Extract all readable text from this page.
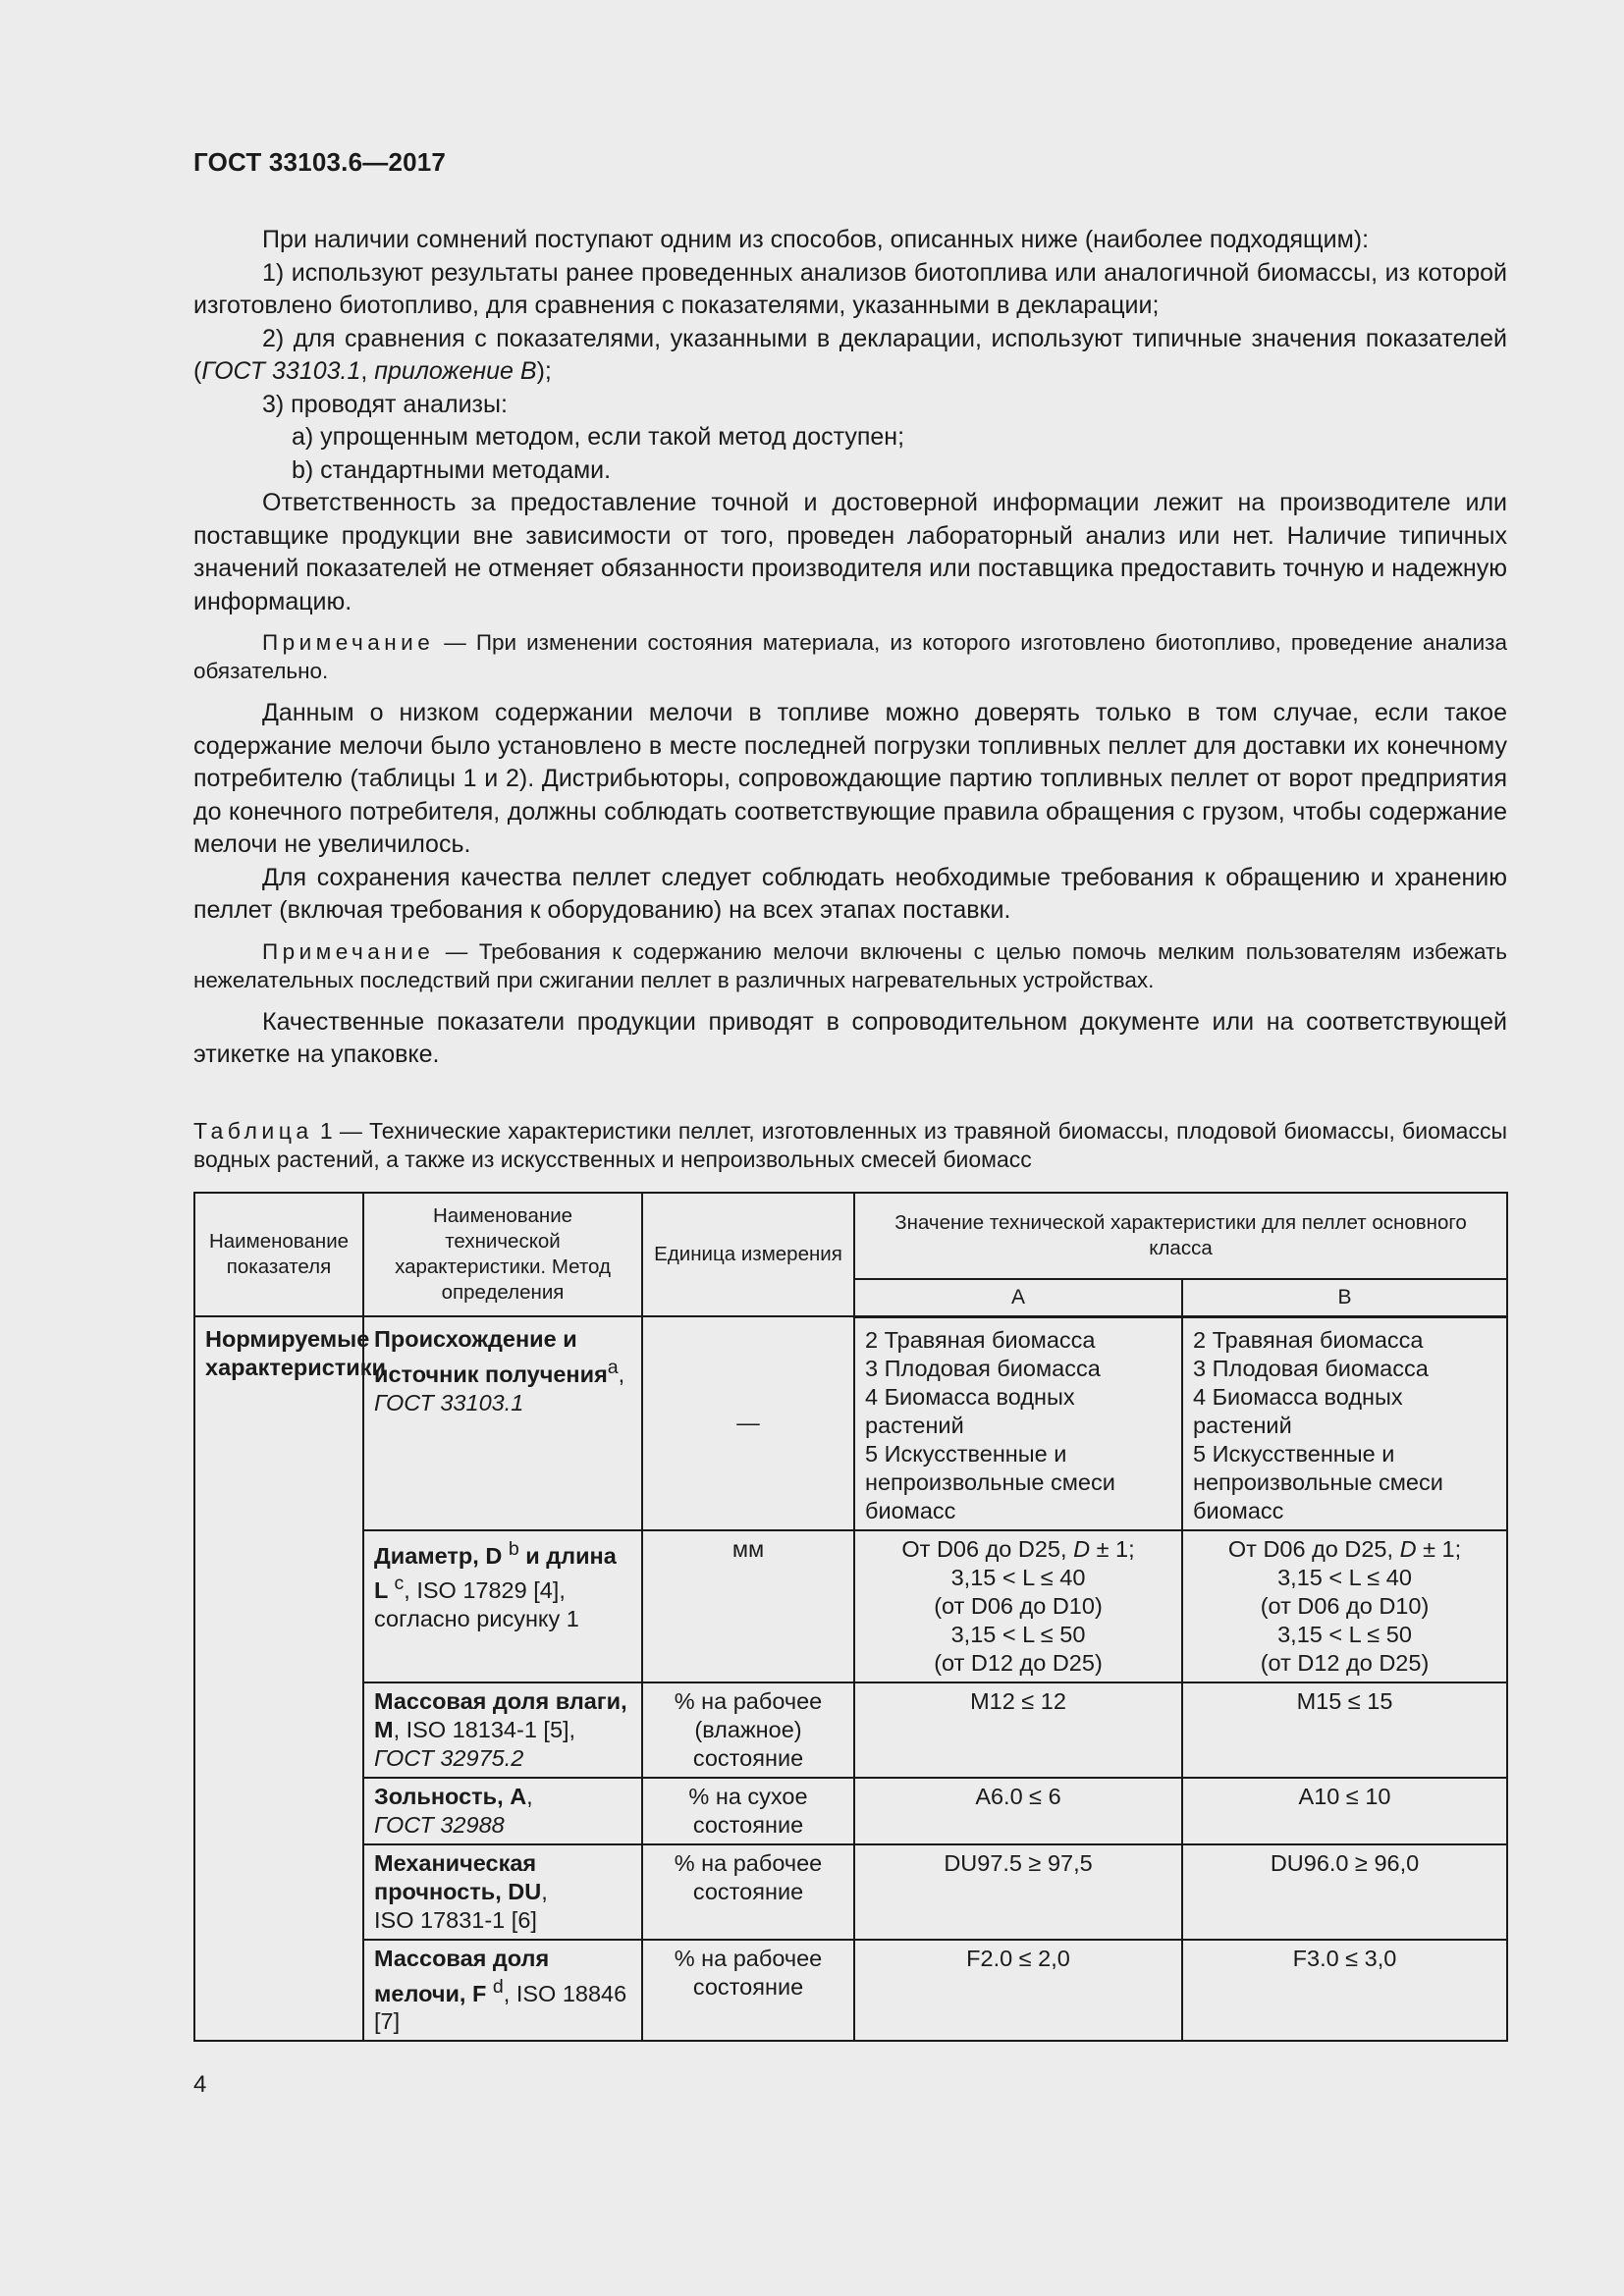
ГОСТ 33103.6—2017

При наличии сомнений поступают одним из способов, описанных ниже (наиболее подходящим):

1) используют результаты ранее проведенных анализов биотоплива или аналогичной биомассы, из которой изготовлено биотопливо, для сравнения с показателями, указанными в декларации;

2) для сравнения с показателями, указанными в декларации, используют типичные значения показателей (ГОСТ 33103.1, приложение В);

3) проводят анализы:

a) упрощенным методом, если такой метод доступен;

b) стандартными методами.

Ответственность за предоставление точной и достоверной информации лежит на производителе или поставщике продукции вне зависимости от того, проведен лабораторный анализ или нет. Наличие типичных значений показателей не отменяет обязанности производителя или поставщика предоставить точную и надежную информацию.

Примечание — При изменении состояния материала, из которого изготовлено биотопливо, проведение анализа обязательно.

Данным о низком содержании мелочи в топливе можно доверять только в том случае, если такое содержание мелочи было установлено в месте последней погрузки топливных пеллет для доставки их конечному потребителю (таблицы 1 и 2). Дистрибьюторы, сопровождающие партию топливных пеллет от ворот предприятия до конечного потребителя, должны соблюдать соответствующие правила обращения с грузом, чтобы содержание мелочи не увеличилось.

Для сохранения качества пеллет следует соблюдать необходимые требования к обращению и хранению пеллет (включая требования к оборудованию) на всех этапах поставки.

Примечание — Требования к содержанию мелочи включены с целью помочь мелким пользователям избежать нежелательных последствий при сжигании пеллет в различных нагревательных устройствах.

Качественные показатели продукции приводят в сопроводительном документе или на соответствующей этикетке на упаковке.

Таблица 1 — Технические характеристики пеллет, изготовленных из травяной биомассы, плодовой биомассы, биомассы водных растений, а также из искусственных и непроизвольных смесей биомасс
Наименование показателя	Наименование технической характеристики. Метод определения	Единица измерения	Значение технической характеристики для пеллет основного класса	
			А	В
Нормируемые характеристики	Происхождение и источник получения$^a$, ГОСТ 33103.1	—	2 Травяная биомасса
3 Плодовая биомасса
4 Биомасса водных растений
5 Искусственные и непроизвольные смеси биомасс	2 Травяная биомасса
3 Плодовая биомасса
4 Биомасса водных растений
5 Искусственные и непроизвольные смеси биомасс
	Диаметр, D $^b$ и длина L $^c$, ISO 17829 [4], согласно рисунку 1	мм	От D06 до D25, D ± 1;
3,15 < L ≤ 40
(от D06 до D10)
3,15 < L ≤ 50
(от D12 до D25)	От D06 до D25, D ± 1;
3,15 < L ≤ 40
(от D06 до D10)
3,15 < L ≤ 50
(от D12 до D25)
	Массовая доля влаги, M, ISO 18134-1 [5],
ГОСТ 32975.2	% на рабочее (влажное) состояние	M12 ≤ 12	M15 ≤ 15
	Зольность, A,
ГОСТ 32988	% на сухое состояние	A6.0 ≤ 6	A10 ≤ 10
	Механическая прочность, DU,
ISO 17831-1 [6]	% на рабочее состояние	DU97.5 ≥ 97,5	DU96.0 ≥ 96,0
	Массовая доля мелочи, F $^d$, ISO 18846 [7]	% на рабочее состояние	F2.0 ≤ 2,0	F3.0 ≤ 3,0
4
